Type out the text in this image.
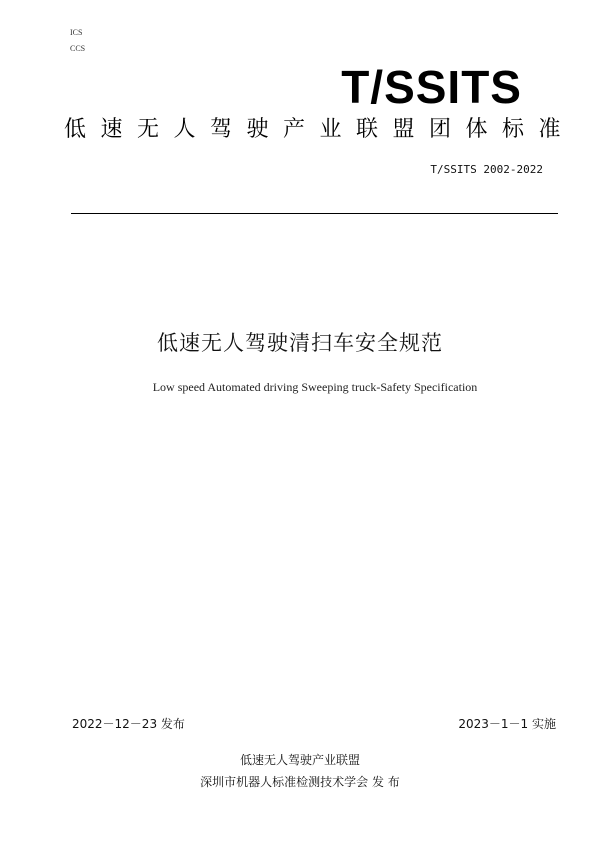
ICS
CCS
T/SSITS
低速无人驾驶产业联盟团体标准
T/SSITS 2002-2022
低速无人驾驶清扫车安全规范
Low speed Automated driving Sweeping truck-Safety Specification
2022－12－23 发布	2023－1－1 实施
低速无人驾驶产业联盟
深圳市机器人标准检测技术学会 发 布
